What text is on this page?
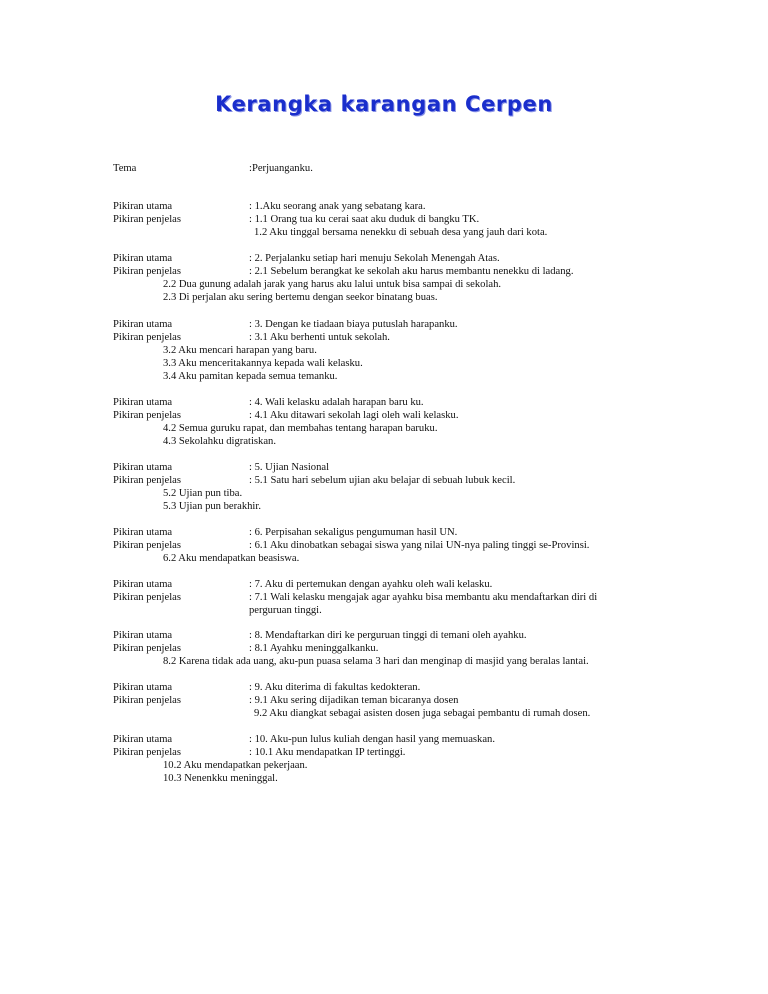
Kerangka karangan Cerpen
Tema	:Perjuanganku.
Pikiran utama	: 1.Aku seorang anak yang sebatang kara.
Pikiran penjelas	: 1.1 Orang tua ku cerai saat aku duduk di bangku TK.
1.2 Aku tinggal bersama nenekku di sebuah desa yang jauh dari kota.
Pikiran utama	: 2. Perjalanku setiap hari menuju Sekolah Menengah Atas.
Pikiran penjelas	: 2.1 Sebelum berangkat ke sekolah aku harus membantu nenekku di ladang.
2.2 Dua gunung adalah jarak yang harus aku lalui untuk bisa sampai di sekolah.
2.3 Di perjalan aku sering bertemu dengan seekor binatang buas.
Pikiran utama	: 3. Dengan ke tiadaan biaya putuslah harapanku.
Pikiran penjelas	: 3.1 Aku berhenti untuk sekolah.
3.2 Aku mencari harapan yang baru.
3.3 Aku menceritakannya kepada wali kelasku.
3.4 Aku pamitan kepada semua temanku.
Pikiran utama	: 4. Wali kelasku adalah harapan baru ku.
Pikiran penjelas	: 4.1 Aku ditawari sekolah lagi oleh wali kelasku.
4.2 Semua guruku rapat, dan membahas tentang harapan baruku.
4.3 Sekolahku digratiskan.
Pikiran utama	: 5. Ujian Nasional
Pikiran penjelas	: 5.1 Satu hari sebelum ujian aku belajar di sebuah lubuk kecil.
5.2 Ujian pun tiba.
5.3 Ujian pun berakhir.
Pikiran utama	: 6. Perpisahan sekaligus pengumuman hasil UN.
Pikiran penjelas	: 6.1 Aku dinobatkan sebagai siswa yang nilai UN-nya paling tinggi se-Provinsi.
6.2 Aku mendapatkan beasiswa.
Pikiran utama	: 7. Aku di pertemukan dengan ayahku oleh wali kelasku.
Pikiran penjelas	: 7.1 Wali kelasku mengajak agar ayahku bisa membantu aku mendaftarkan diri di
perguruan tinggi.
Pikiran utama	: 8. Mendaftarkan diri ke perguruan tinggi di temani oleh ayahku.
Pikiran penjelas	: 8.1 Ayahku meninggalkanku.
8.2 Karena tidak ada uang, aku-pun puasa selama 3 hari dan menginap di masjid yang beralas lantai.
Pikiran utama	: 9. Aku diterima di fakultas kedokteran.
Pikiran penjelas	: 9.1 Aku sering dijadikan teman bicaranya dosen
9.2 Aku diangkat sebagai asisten dosen juga sebagai pembantu di rumah dosen.
Pikiran utama	: 10. Aku-pun lulus kuliah dengan hasil yang memuaskan.
Pikiran penjelas	: 10.1 Aku mendapatkan IP tertinggi.
10.2 Aku mendapatkan pekerjaan.
10.3 Nenenkku meninggal.
